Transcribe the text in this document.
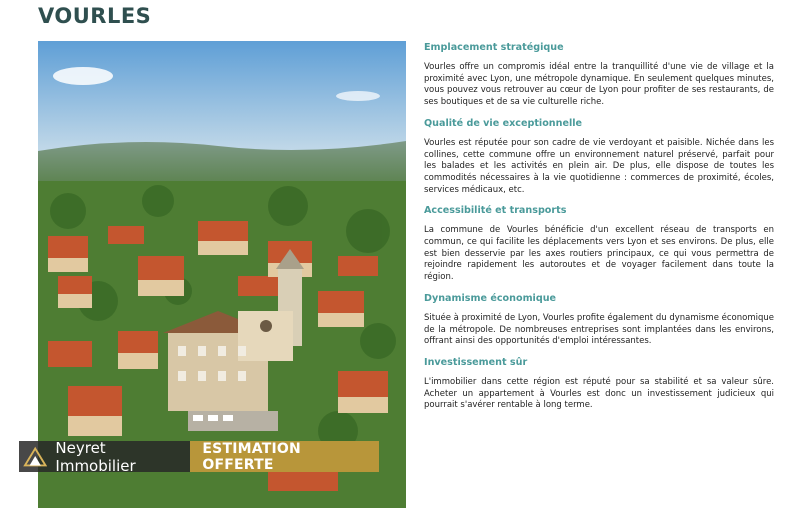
VOURLES
Neyret Immobilier
ESTIMATION OFFERTE
Emplacement stratégique

Vourles offre un compromis idéal entre la tranquillité d'une vie de village et la proximité avec Lyon, une métropole dynamique. En seulement quelques minutes, vous pouvez vous retrouver au cœur de Lyon pour profiter de ses restaurants, de ses boutiques et de sa vie culturelle riche.

Qualité de vie exceptionnelle

Vourles est réputée pour son cadre de vie verdoyant et paisible. Nichée dans les collines, cette commune offre un environnement naturel préservé, parfait pour les balades et les activités en plein air. De plus, elle dispose de toutes les commodités nécessaires à la vie quotidienne : commerces de proximité, écoles, services médicaux, etc.

Accessibilité et transports

La commune de Vourles bénéficie d'un excellent réseau de transports en commun, ce qui facilite les déplacements vers Lyon et ses environs. De plus, elle est bien desservie par les axes routiers principaux, ce qui vous permettra de rejoindre rapidement les autoroutes et de voyager facilement dans toute la région.

Dynamisme économique

Située à proximité de Lyon, Vourles profite également du dynamisme économique de la métropole. De nombreuses entreprises sont implantées dans les environs, offrant ainsi des opportunités d'emploi intéressantes.

Investissement sûr

L'immobilier dans cette région est réputé pour sa stabilité et sa valeur sûre. Acheter un appartement à Vourles est donc un investissement judicieux qui pourrait s'avérer rentable à long terme.
